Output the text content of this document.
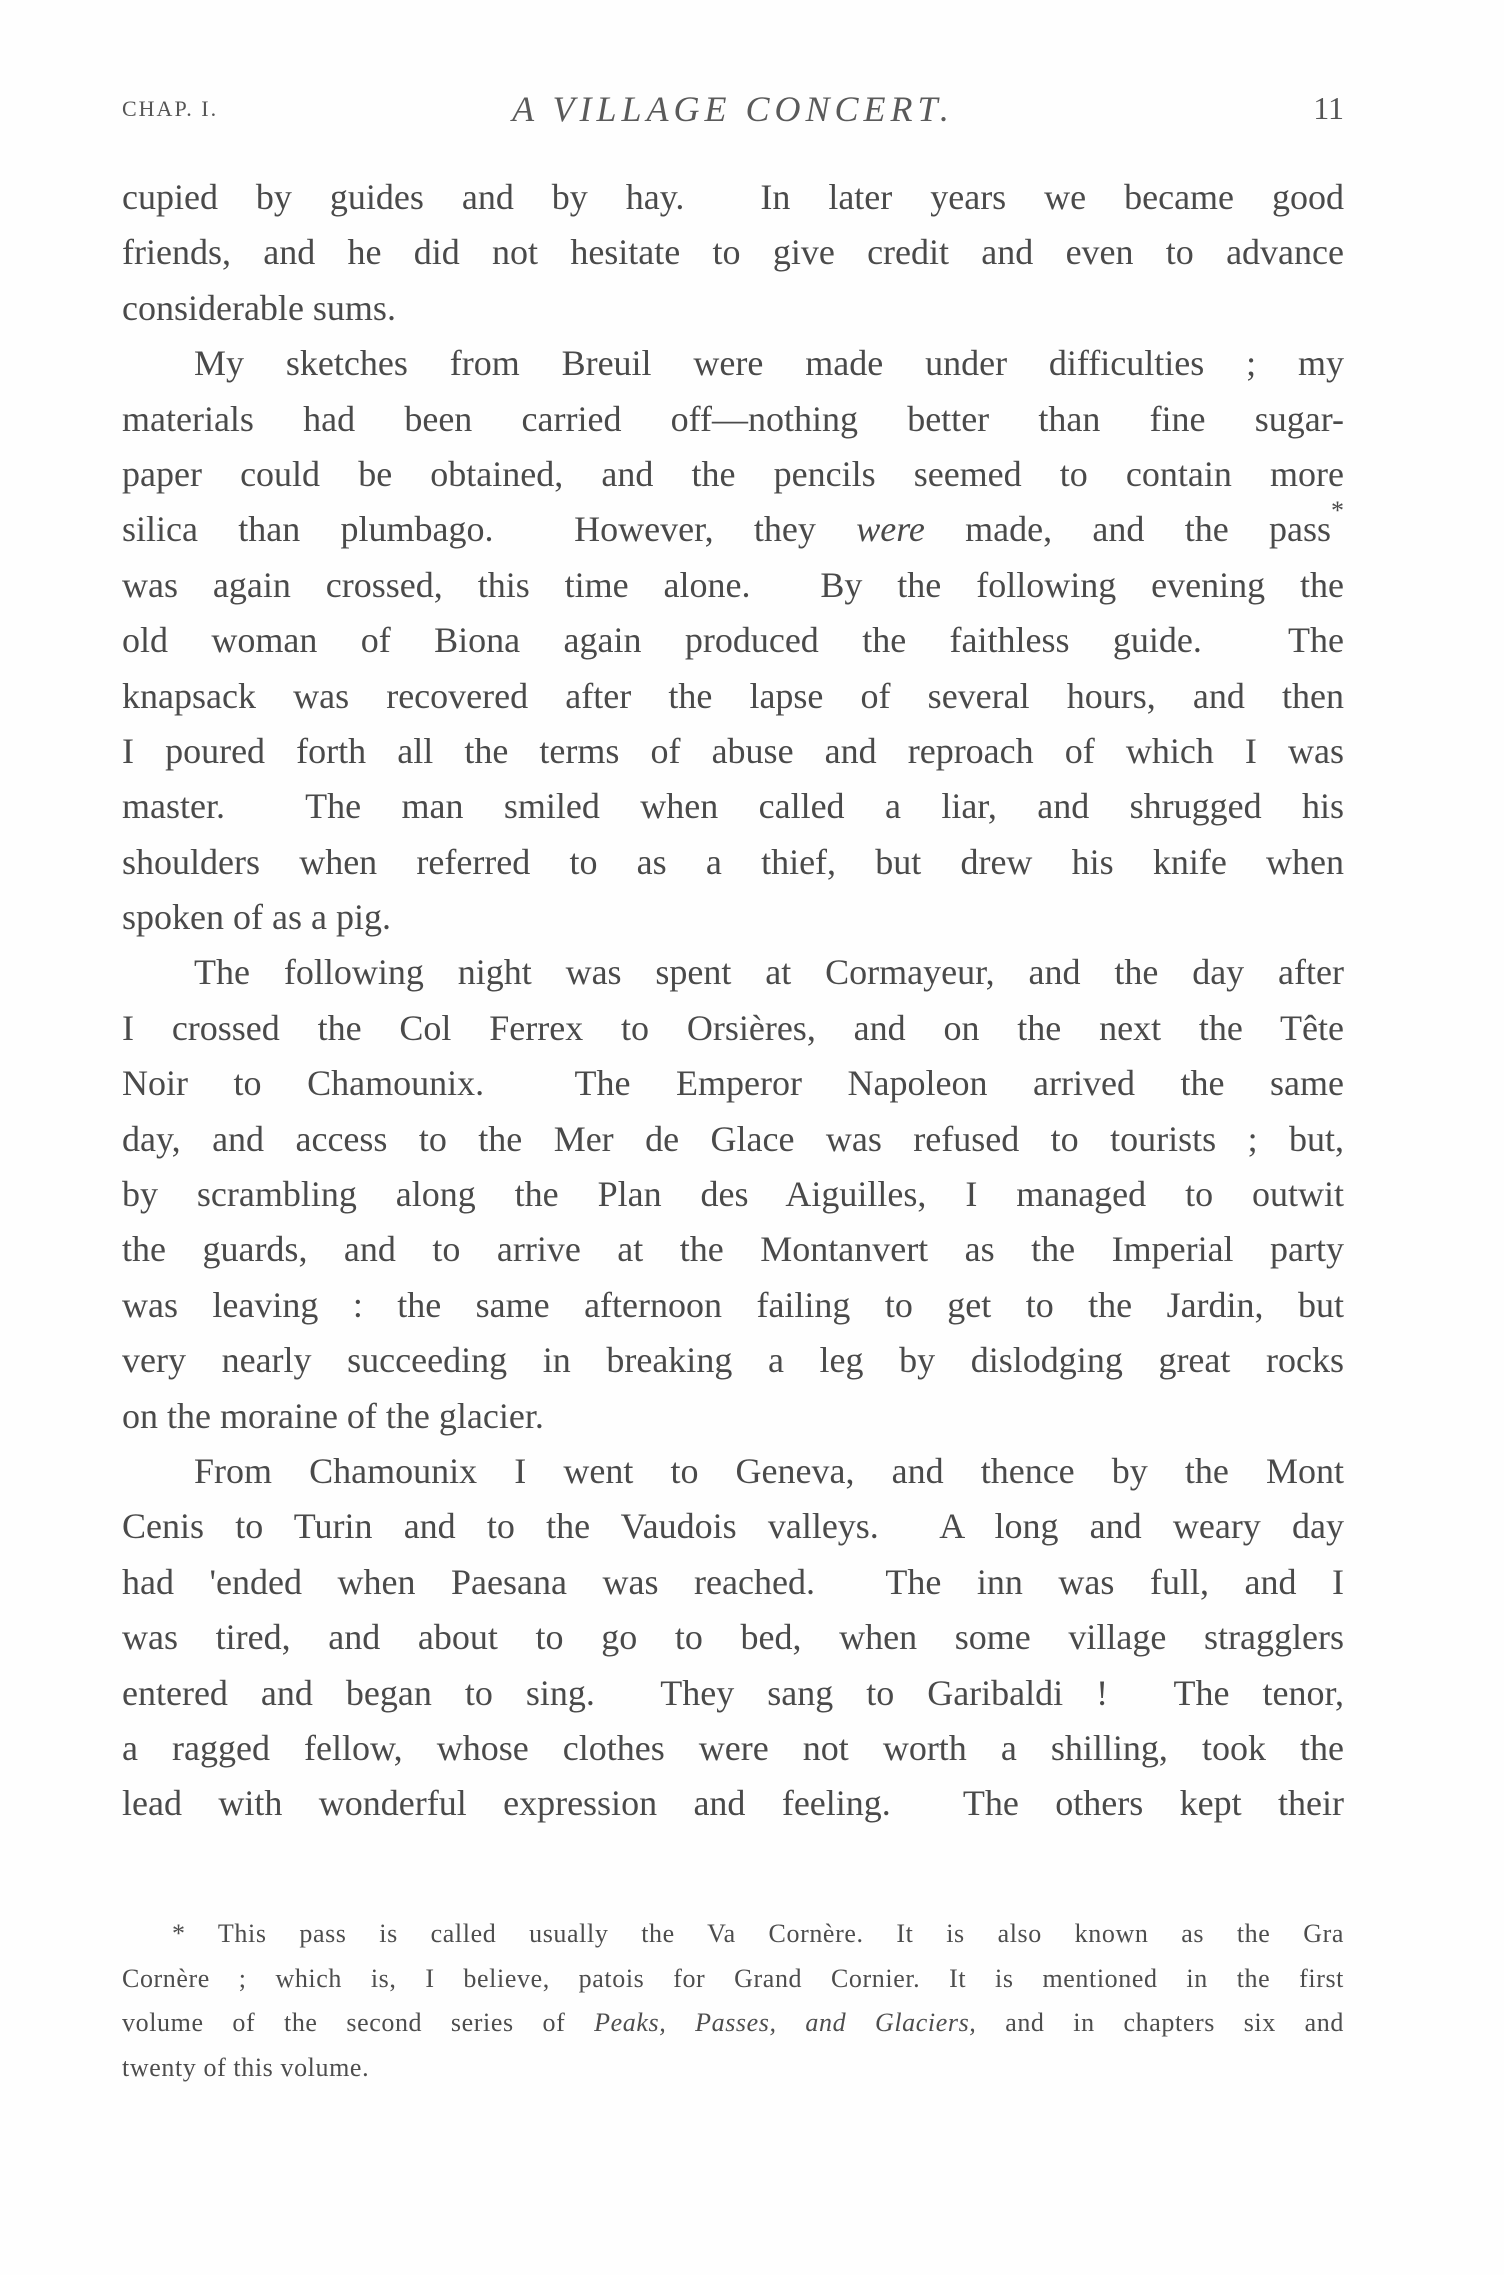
CHAP. I.	A VILLAGE CONCERT.	11
cupied by guides and by hay.  In later years we became good
friends, and he did not hesitate to give credit and even to advance
considerable sums.
My sketches from Breuil were made under difficulties ; my
materials had been carried off—nothing better than fine sugar-
paper could be obtained, and the pencils seemed to contain more
silica than plumbago.  However, they were made, and the pass*
was again crossed, this time alone.  By the following evening the
old woman of Biona again produced the faithless guide.  The
knapsack was recovered after the lapse of several hours, and then
I poured forth all the terms of abuse and reproach of which I was
master.  The man smiled when called a liar, and shrugged his
shoulders when referred to as a thief, but drew his knife when
spoken of as a pig.
The following night was spent at Cormayeur, and the day after
I crossed the Col Ferrex to Orsières, and on the next the Tête
Noir to Chamounix.  The Emperor Napoleon arrived the same
day, and access to the Mer de Glace was refused to tourists ; but,
by scrambling along the Plan des Aiguilles, I managed to outwit
the guards, and to arrive at the Montanvert as the Imperial party
was leaving : the same afternoon failing to get to the Jardin, but
very nearly succeeding in breaking a leg by dislodging great rocks
on the moraine of the glacier.
From Chamounix I went to Geneva, and thence by the Mont
Cenis to Turin and to the Vaudois valleys.  A long and weary day
had 'ended when Paesana was reached.  The inn was full, and I
was tired, and about to go to bed, when some village stragglers
entered and began to sing.  They sang to Garibaldi !  The tenor,
a ragged fellow, whose clothes were not worth a shilling, took the
lead with wonderful expression and feeling.  The others kept their
* This pass is called usually the Va Cornère. It is also known as the Gra
Cornère ; which is, I believe, patois for Grand Cornier. It is mentioned in the first
volume of the second series of Peaks, Passes, and Glaciers, and in chapters six and
twenty of this volume.
